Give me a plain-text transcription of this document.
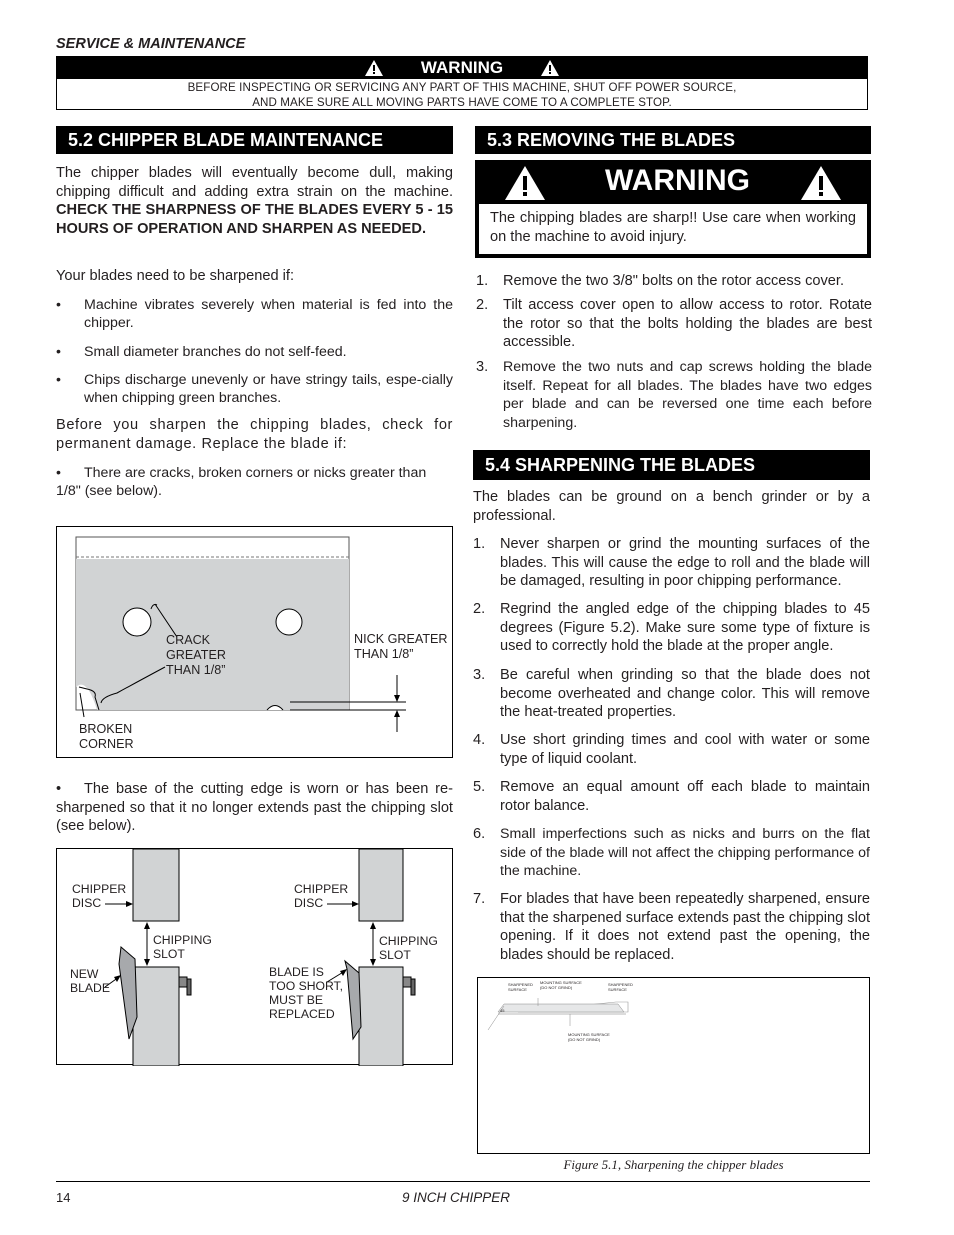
SERVICE & MAINTENANCE
WARNING
BEFORE INSPECTING OR SERVICING ANY PART OF THIS MACHINE, SHUT OFF POWER SOURCE,
AND MAKE SURE ALL MOVING PARTS HAVE COME TO A COMPLETE STOP.
5.2 CHIPPER BLADE MAINTENANCE
The chipper blades will eventually become dull, making chipping difficult and adding extra strain on the machine. CHECK THE SHARPNESS OF THE BLADES EVERY 5 - 15 HOURS OF OPERATION AND SHARPEN AS NEEDED.
Your blades need to be sharpened if:
• Machine vibrates severely when material is fed into the chipper.
• Small diameter branches do not self-feed.
• Chips discharge unevenly or have stringy tails, espe-cially when chipping green branches.
Before you sharpen the chipping blades, check for permanent damage. Replace the blade if:
• There are cracks, broken corners or nicks greater than 1/8" (see below).
CRACK
GREATER
THAN 1/8”
NICK GREATER
THAN 1/8”
BROKEN
CORNER
• The base of the cutting edge is worn or has been re-sharpened so that it no longer extends past the chipping slot (see below).
CHIPPER
DISC
CHIPPING
SLOT
NEW
BLADE
CHIPPER
DISC
CHIPPING
SLOT
BLADE IS
TOO SHORT,
MUST BE
REPLACED
5.3 REMOVING THE BLADES
WARNING
The chipping blades are sharp!! Use care when working on the machine to avoid injury.
1. Remove the two 3/8" bolts on the rotor access cover.
2. Tilt access cover open to allow access to rotor. Rotate the rotor so that the bolts holding the blades are best accessible.
3. Remove the two nuts and cap screws holding the blade itself. Repeat for all blades. The blades have two edges per blade and can be reversed one time each before sharpening.
5.4 SHARPENING THE BLADES
The blades can be ground on a bench grinder or by a professional.
1. Never sharpen or grind the mounting surfaces of the blades. This will cause the edge to roll and the blade will be damaged, resulting in poor chipping performance.
2. Regrind the angled edge of the chipping blades to 45 degrees (Figure 5.2). Make sure some type of fixture is used to correctly hold the blade at the proper angle.
3. Be careful when grinding so that the blade does not become overheated and change color. This will remove the heat-treated properties.
4. Use short grinding times and cool with water or some type of liquid coolant.
5. Remove an equal amount off each blade to maintain rotor balance.
6. Small imperfections such as nicks and burrs on the flat side of the blade will not affect the chipping performance of the machine.
7. For blades that have been repeatedly sharpened, ensure that the sharpened surface extends past the chipping slot opening. If it does not extend past the opening, the blades should be replaced.
SHARPENED
SURFACE
MOUNTING SURFACE
(DO NOT GRIND)
SHARPENED
SURFACE
MOUNTING SURFACE
(DO NOT GRIND)
45
Figure 5.1, Sharpening the chipper blades
14	9 INCH CHIPPER
